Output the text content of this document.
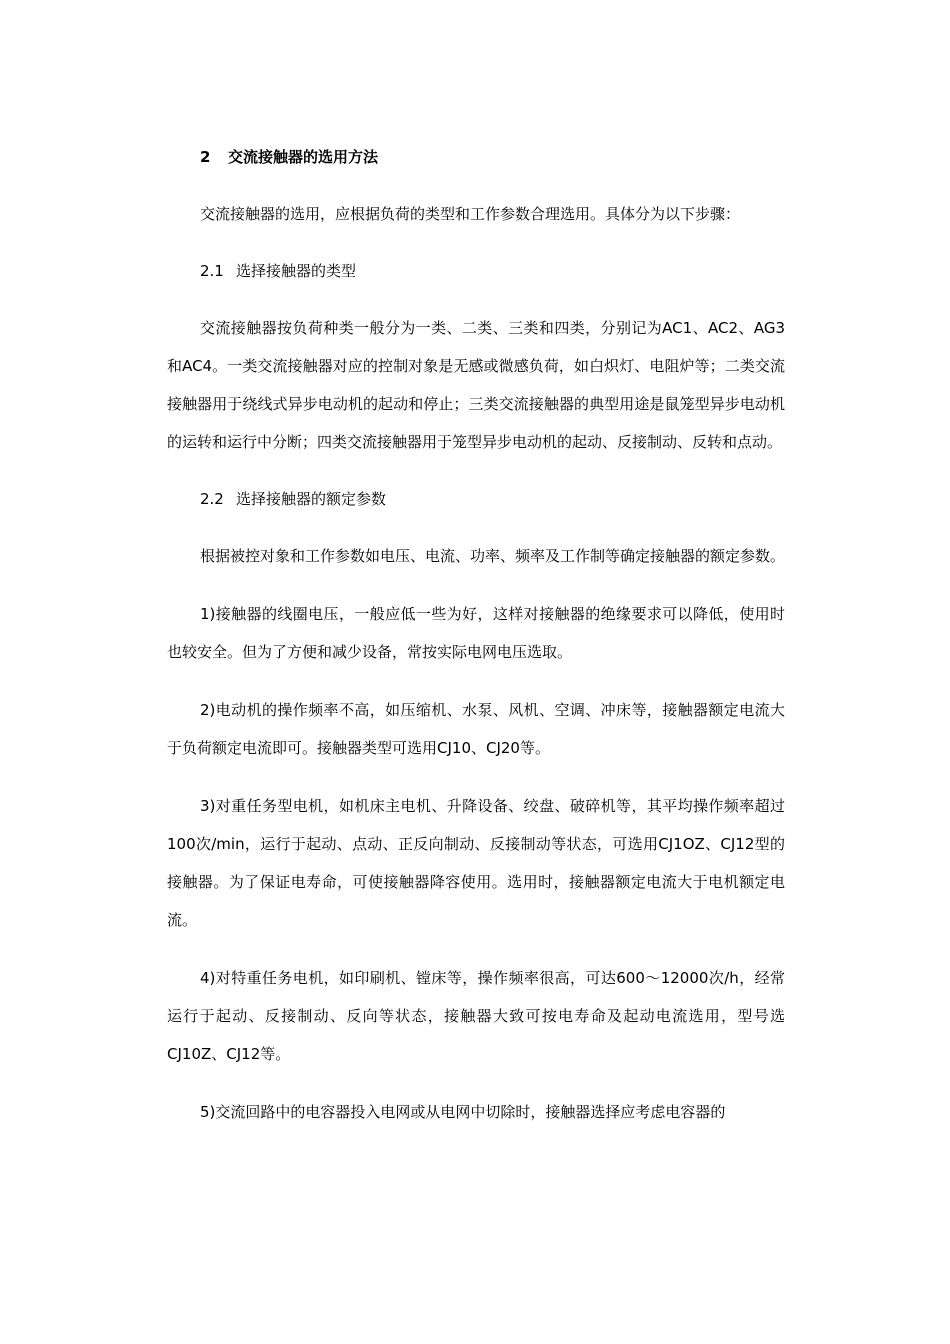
2 交流接触器的选用方法

交流接触器的选用，应根据负荷的类型和工作参数合理选用。具体分为以下步骤：

2.1 选择接触器的类型

交流接触器按负荷种类一般分为一类、二类、三类和四类，分别记为AC1、AC2、AG3和AC4。一类交流接触器对应的控制对象是无感或微感负荷，如白炽灯、电阻炉等；二类交流接触器用于绕线式异步电动机的起动和停止；三类交流接触器的典型用途是鼠笼型异步电动机的运转和运行中分断；四类交流接触器用于笼型异步电动机的起动、反接制动、反转和点动。

2.2 选择接触器的额定参数

根据被控对象和工作参数如电压、电流、功率、频率及工作制等确定接触器的额定参数。

1)接触器的线圈电压，一般应低一些为好，这样对接触器的绝缘要求可以降低，使用时也较安全。但为了方便和减少设备，常按实际电网电压选取。

2)电动机的操作频率不高，如压缩机、水泵、风机、空调、冲床等，接触器额定电流大于负荷额定电流即可。接触器类型可选用CJ10、CJ20等。

3)对重任务型电机，如机床主电机、升降设备、绞盘、破碎机等，其平均操作频率超过100次/min，运行于起动、点动、正反向制动、反接制动等状态，可选用CJ1OZ、CJ12型的接触器。为了保证电寿命，可使接触器降容使用。选用时，接触器额定电流大于电机额定电流。

4)对特重任务电机，如印刷机、镗床等，操作频率很高，可达600～12000次/h，经常运行于起动、反接制动、反向等状态，接触器大致可按电寿命及起动电流选用，型号选CJ10Z、CJ12等。

5)交流回路中的电容器投入电网或从电网中切除时，接触器选择应考虑电容器的
